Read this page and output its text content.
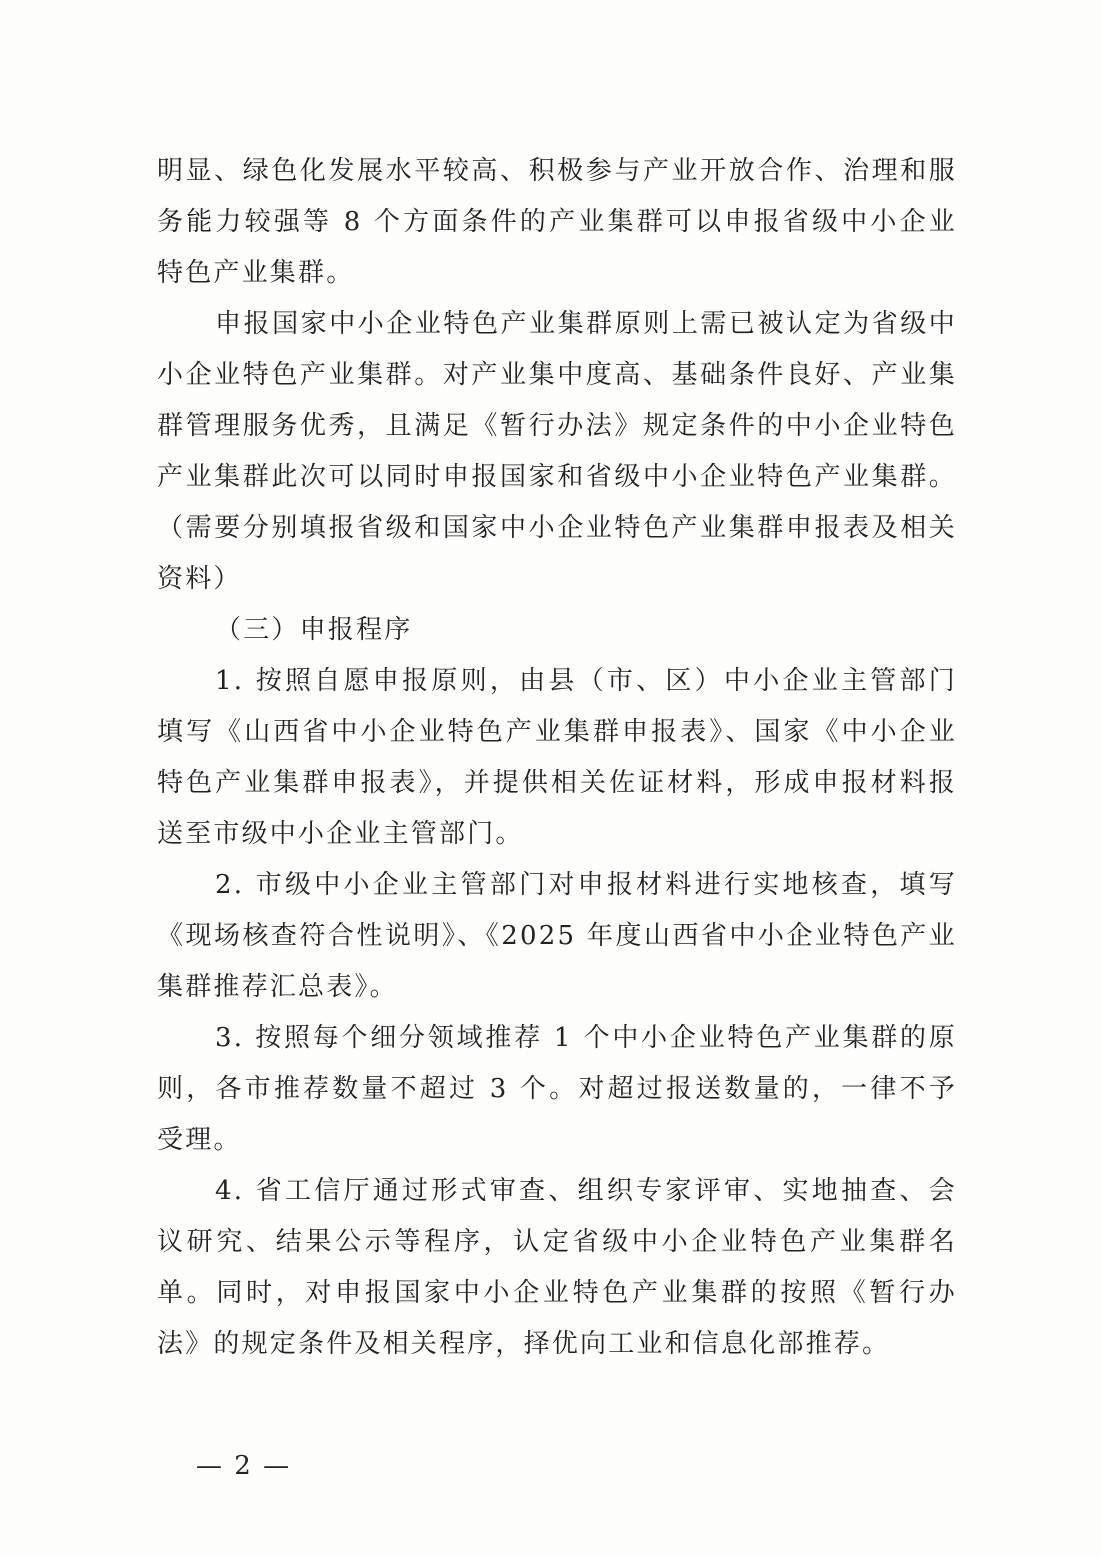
明显、绿色化发展水平较高、积极参与产业开放合作、治理和服务能力较强等 8 个方面条件的产业集群可以申报省级中小企业特色产业集群。

申报国家中小企业特色产业集群原则上需已被认定为省级中小企业特色产业集群。对产业集中度高、基础条件良好、产业集群管理服务优秀，且满足《暂行办法》规定条件的中小企业特色产业集群此次可以同时申报国家和省级中小企业特色产业集群。（需要分别填报省级和国家中小企业特色产业集群申报表及相关资料）

（三）申报程序

1. 按照自愿申报原则，由县（市、区）中小企业主管部门填写《山西省中小企业特色产业集群申报表》、国家《中小企业特色产业集群申报表》，并提供相关佐证材料，形成申报材料报送至市级中小企业主管部门。

2. 市级中小企业主管部门对申报材料进行实地核查，填写《现场核查符合性说明》、《2025 年度山西省中小企业特色产业集群推荐汇总表》。

3. 按照每个细分领域推荐 1 个中小企业特色产业集群的原则，各市推荐数量不超过 3 个。对超过报送数量的，一律不予受理。

4. 省工信厅通过形式审查、组织专家评审、实地抽查、会议研究、结果公示等程序，认定省级中小企业特色产业集群名单。同时，对申报国家中小企业特色产业集群的按照《暂行办法》的规定条件及相关程序，择优向工业和信息化部推荐。

— 2 —
